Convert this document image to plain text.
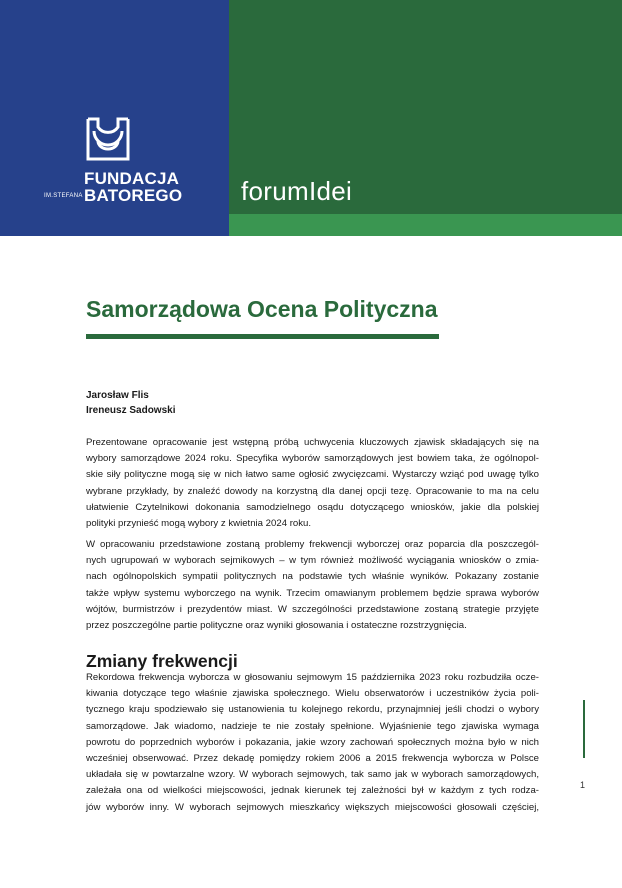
FUNDACJA
BATOREGO
IM.STEFANA	forumIdei
Samorządowa Ocena Polityczna
Jarosław Flis
Ireneusz Sadowski
Prezentowane opracowanie jest wstępną próbą uchwycenia kluczowych zjawisk składających się na
wybory samorządowe 2024 roku. Specyfika wyborów samorządowych jest bowiem taka, że ogólnopol-
skie siły polityczne mogą się w nich łatwo same ogłosić zwycięzcami. Wystarczy wziąć pod uwagę tylko
wybrane przykłady, by znaleźć dowody na korzystną dla danej opcji tezę. Opracowanie to ma na celu
ułatwienie Czytelnikowi dokonania samodzielnego osądu dotyczącego wniosków, jakie dla polskiej
polityki przynieść mogą wybory z kwietnia 2024 roku.
W opracowaniu przedstawione zostaną problemy frekwencji wyborczej oraz poparcia dla poszczegól-
nych ugrupowań w wyborach sejmikowych – w tym również możliwość wyciągania wniosków o zmia-
nach ogólnopolskich sympatii politycznych na podstawie tych właśnie wyników. Pokazany zostanie
także wpływ systemu wyborczego na wynik. Trzecim omawianym problemem będzie sprawa wyborów
wójtów, burmistrzów i prezydentów miast. W szczególności przedstawione zostaną strategie przyjęte
przez poszczególne partie polityczne oraz wyniki głosowania i ostateczne rozstrzygnięcia.
Zmiany frekwencji
Rekordowa frekwencja wyborcza w głosowaniu sejmowym 15 października 2023 roku rozbudziła ocze-
kiwania dotyczące tego właśnie zjawiska społecznego. Wielu obserwatorów i uczestników życia poli-
tycznego kraju spodziewało się ustanowienia tu kolejnego rekordu, przynajmniej jeśli chodzi o wybory
samorządowe. Jak wiadomo, nadzieje te nie zostały spełnione. Wyjaśnienie tego zjawiska wymaga
powrotu do poprzednich wyborów i pokazania, jakie wzory zachowań społecznych można było w nich
wcześniej obserwować. Przez dekadę pomiędzy rokiem 2006 a 2015 frekwencja wyborcza w Polsce
układała się w powtarzalne wzory. W wyborach sejmowych, tak samo jak w wyborach samorządowych,
zależała ona od wielkości miejscowości, jednak kierunek tej zależności był w każdym z tych rodza-
jów wyborów inny. W wyborach sejmowych mieszkańcy większych miejscowości głosowali częściej,
1
